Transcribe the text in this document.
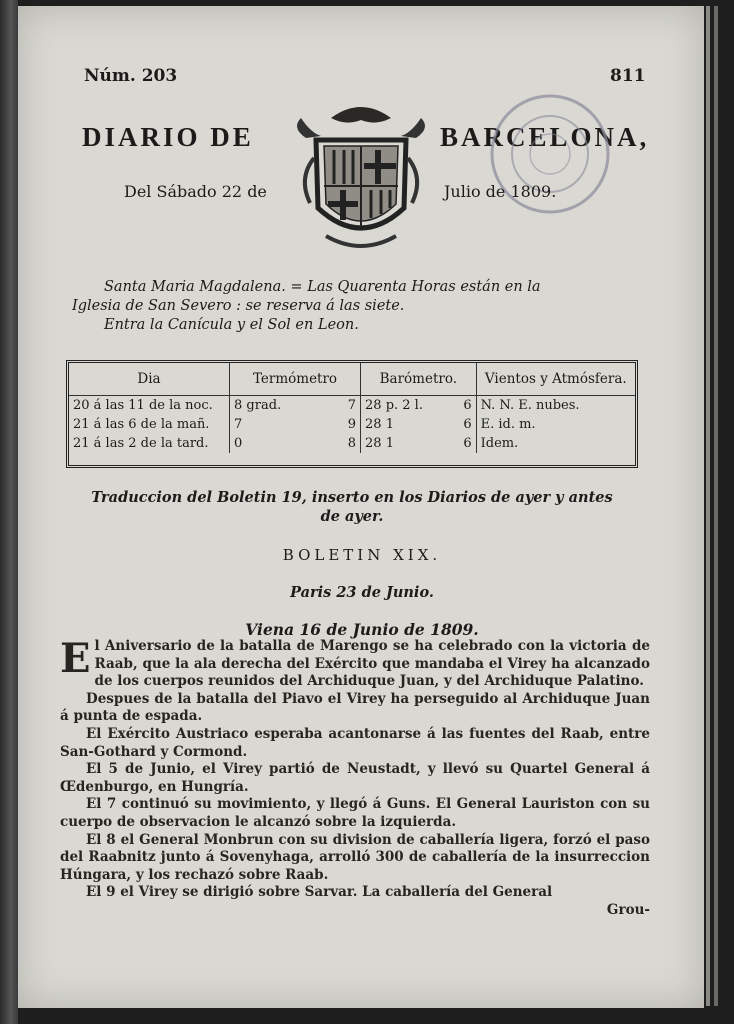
Núm. 203	811
DIARIO DE	BARCELONA,
Del Sábado 22 de	Julio de 1809.
Santa Maria Magdalena. = Las Quarenta Horas están en la
Iglesia de San Severo : se reserva á las siete.
Entra la Canícula y el Sol en Leon.
Dia	Termómetro		Barómetro.		Vientos y Atmósfera.
20 á las 11 de la noc.	8 grad.	7	28 p. 2 l.	6	N. N. E. nubes.
21 á las 6 de la mañ.	7	9	28 1	6	E. id. m.
21 á las 2 de la tard.	0	8	28 1	6	Idem.
Traduccion del Boletin 19, inserto en los Diarios de ayer y antes de ayer.
BOLETIN XIX.
Paris 23 de Junio.
Viena 16 de Junio de 1809.

El Aniversario de la batalla de Marengo se ha celebrado con la victoria de Raab, que la ala derecha del Exército que mandaba el Virey ha alcanzado de los cuerpos reunidos del Archiduque Juan, y del Archiduque Palatino.

Despues de la batalla del Piavo el Virey ha perseguido al Archiduque Juan á punta de espada.

El Exército Austriaco esperaba acantonarse á las fuentes del Raab, entre San-Gothard y Cormond.

El 5 de Junio, el Virey partió de Neustadt, y llevó su Quartel General á Œdenburgo, en Hungría.

El 7 continuó su movimiento, y llegó á Guns. El General Lauriston con su cuerpo de observacion le alcanzó sobre la izquierda.

El 8 el General Monbrun con su division de caballería ligera, forzó el paso del Raabnitz junto á Sovenyhaga, arrolló 300 de caballería de la insurreccion Húngara, y los rechazó sobre Raab.

El 9 el Virey se dirigió sobre Sarvar. La caballería del General

Grou-
